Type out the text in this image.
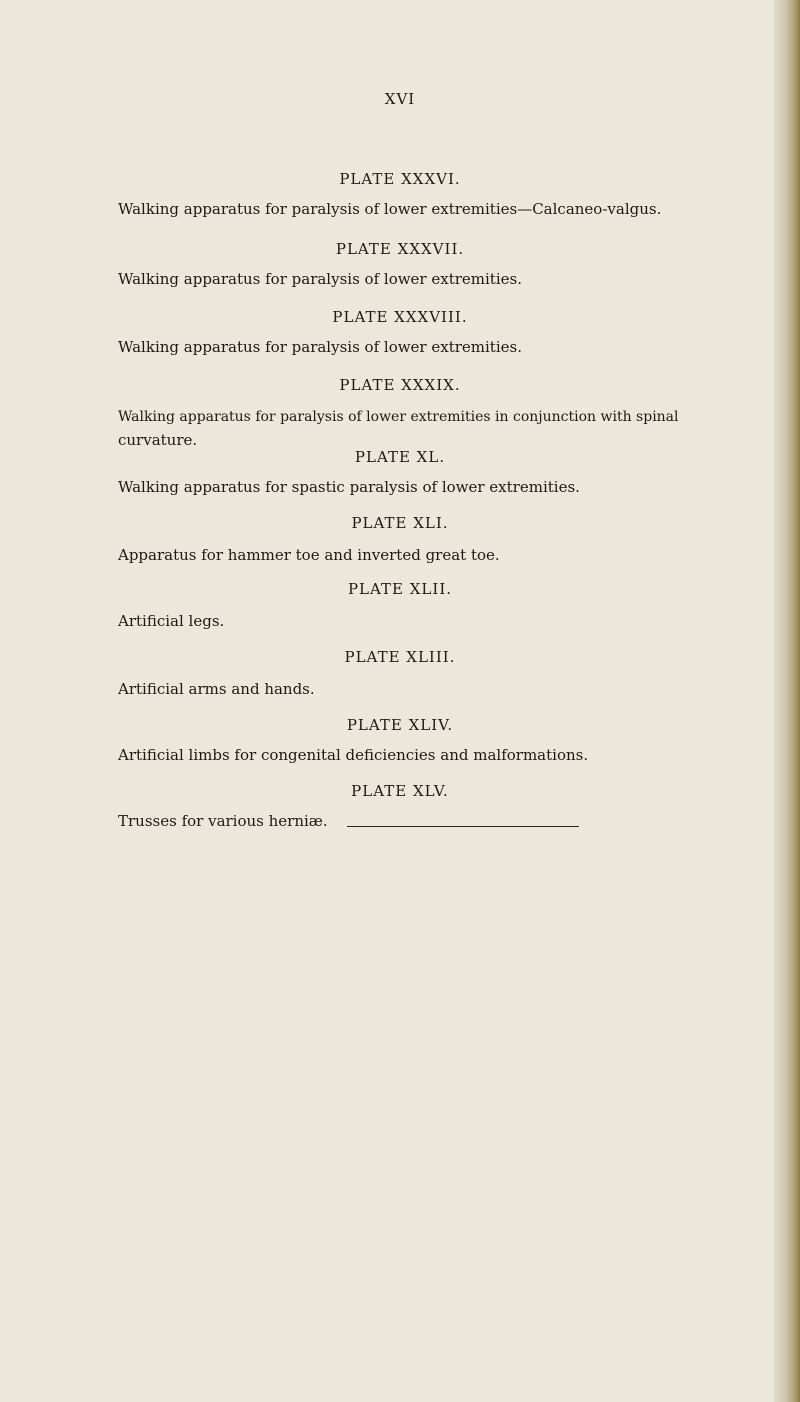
XVI
PLATE XXXVI.
Walking apparatus for paralysis of lower extremities—Calcaneo-valgus.
PLATE XXXVII.
Walking apparatus for paralysis of lower extremities.
PLATE XXXVIII.
Walking apparatus for paralysis of lower extremities.
PLATE XXXIX.
Walking apparatus for paralysis of lower extremities in conjunction with spinal
curvature.
PLATE XL.
Walking apparatus for spastic paralysis of lower extremities.
PLATE XLI.
Apparatus for hammer toe and inverted great toe.
PLATE XLII.
Artificial legs.
PLATE XLIII.
Artificial arms and hands.
PLATE XLIV.
Artificial limbs for congenital deficiencies and malformations.
PLATE XLV.
Trusses for various herniæ.
